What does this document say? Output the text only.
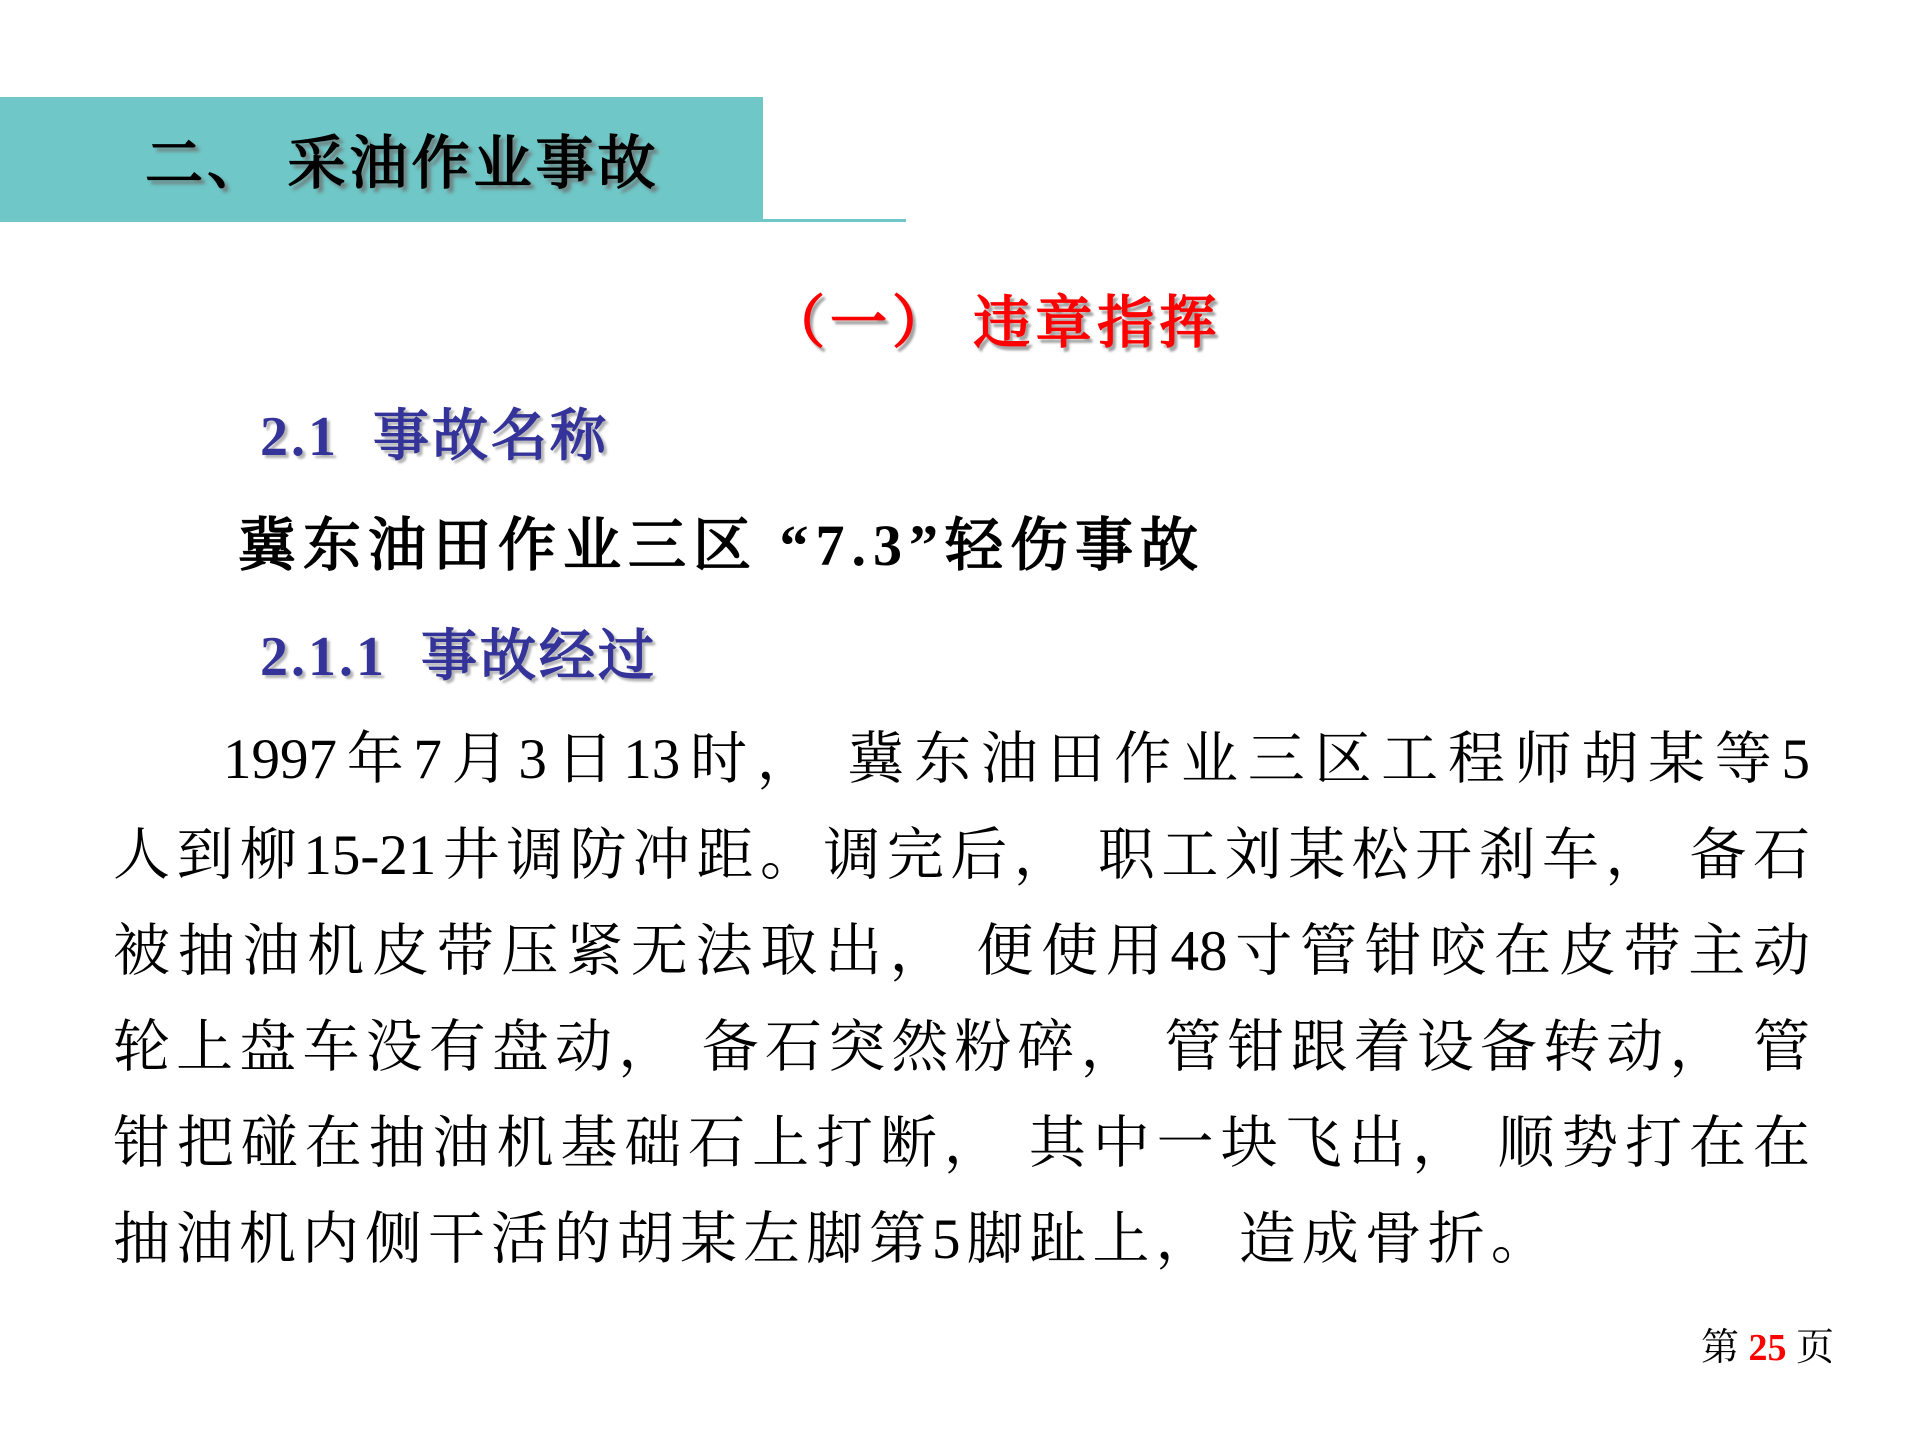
二、 采油作业事故
（一） 违章指挥
2.1  事故名称
冀东油田作业三区 “7.3”轻伤事故
2.1.1  事故经过
1997年7月3日13时， 冀东油田作业三区工程师胡某等5
人到柳15-21井调防冲距。调完后， 职工刘某松开刹车， 备石
被抽油机皮带压紧无法取出， 便使用48寸管钳咬在皮带主动
轮上盘车没有盘动， 备石突然粉碎， 管钳跟着设备转动， 管
钳把碰在抽油机基础石上打断， 其中一块飞出， 顺势打在在
抽油机内侧干活的胡某左脚第5脚趾上， 造成骨折。
第 25 页
